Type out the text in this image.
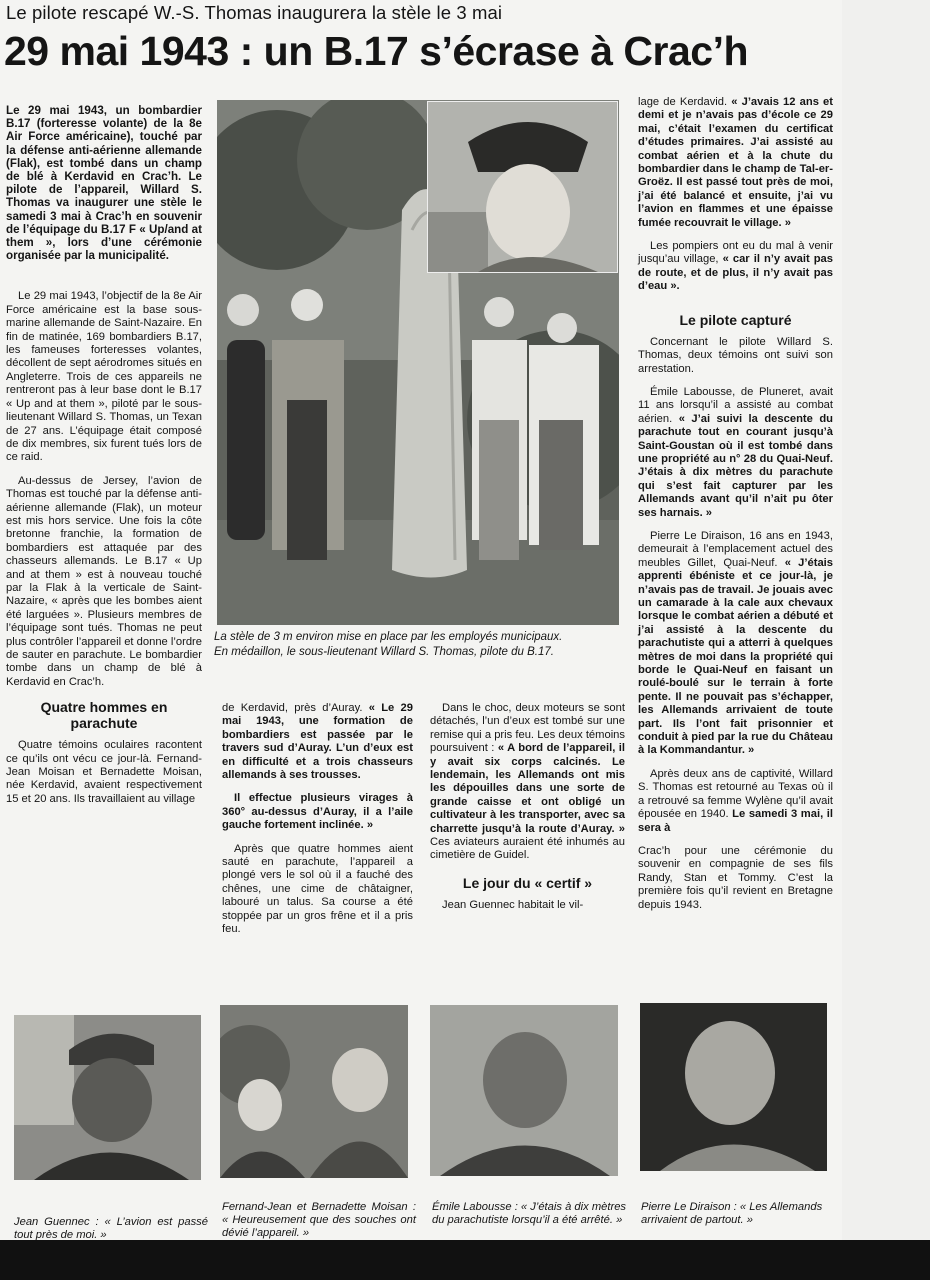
Le pilote rescapé W.-S. Thomas inaugurera la stèle le 3 mai
29 mai 1943 : un B.17 s’écrase à Crac’h

Le 29 mai 1943, un bombardier B.17 (forteresse volante) de la 8e Air Force américaine), touché par la défense anti-aérienne allemande (Flak), est tombé dans un champ de blé à Kerdavid en Crac’h. Le pilote de l’appareil, Willard S. Thomas va inaugurer une stèle le samedi 3 mai à Crac’h en souvenir de l’équipage du B.17 F « Up/and at them », lors d’une cérémonie organisée par la municipalité.

Le 29 mai 1943, l’objectif de la 8e Air Force américaine est la base sous-marine allemande de Saint-Nazaire. En fin de matinée, 169 bombardiers B.17, les fameuses forteresses volantes, décollent de sept aérodromes situés en Angleterre. Trois de ces appareils ne rentreront pas à leur base dont le B.17 « Up and at them », piloté par le sous-lieutenant Willard S. Thomas, un Texan de 27 ans. L’équipage était composé de dix membres, six furent tués lors de ce raid.

Au-dessus de Jersey, l’avion de Thomas est touché par la défense anti-aérienne allemande (Flak), un moteur est mis hors service. Une fois la côte bretonne franchie, la formation de bombardiers est attaquée par des chasseurs allemands. Le B.17 « Up and at them » est à nouveau touché par la Flak à la verticale de Saint-Nazaire, « après que les bombes aient été larguées ». Plusieurs membres de l’équipage sont tués. Thomas ne peut plus contrôler l’appareil et donne l’ordre de sauter en parachute. Le bombardier tombe dans un champ de blé à Kerdavid en Crac’h.

Quatre hommes en parachute

Quatre témoins oculaires racontent ce qu’ils ont vécu ce jour-là. Fernand-Jean Moisan et Bernadette Moisan, née Kerdavid, avaient respectivement 15 et 20 ans. Ils travaillaient au village

La stèle de 3 m environ mise en place par les employés municipaux.
En médaillon, le sous-lieutenant Willard S. Thomas, pilote du B.17.

de Kerdavid, près d’Auray. « Le 29 mai 1943, une formation de bombardiers est passée par le travers sud d’Auray. L’un d’eux est en difficulté et a trois chasseurs allemands à ses trousses.

Il effectue plusieurs virages à 360° au-dessus d’Auray, il a l’aile gauche fortement inclinée. »

Après que quatre hommes aient sauté en parachute, l’appareil a plongé vers le sol où il a fauché des chênes, une cime de châtaigner, labouré un talus. Sa course a été stoppée par un gros frêne et il a pris feu.

Dans le choc, deux moteurs se sont détachés, l’un d’eux est tombé sur une remise qui a pris feu. Les deux témoins poursuivent : « A bord de l’appareil, il y avait six corps calcinés. Le lendemain, les Allemands ont mis les dépouilles dans une sorte de grande caisse et ont obligé un cultivateur à les transporter, avec sa charrette jusqu’à la route d’Auray. » Ces aviateurs auraient été inhumés au cimetière de Guidel.

Le jour du « certif »

Jean Guennec habitait le vil-

lage de Kerdavid. « J’avais 12 ans et demi et je n’avais pas d’école ce 29 mai, c’était l’examen du certificat d’études primaires. J’ai assisté au combat aérien et à la chute du bombardier dans le champ de Tal-er-Groëz. Il est passé tout près de moi, j’ai été balancé et ensuite, j’ai vu l’avion en flammes et une épaisse fumée recouvrait le village. »

Les pompiers ont eu du mal à venir jusqu’au village, « car il n’y avait pas de route, et de plus, il n’y avait pas d’eau ».

Le pilote capturé

Concernant le pilote Willard S. Thomas, deux témoins ont suivi son arrestation.

Émile Labousse, de Pluneret, avait 11 ans lorsqu’il a assisté au combat aérien. « J’ai suivi la descente du parachute tout en courant jusqu’à Saint-Goustan où il est tombé dans une propriété au n° 28 du Quai-Neuf. J’étais à dix mètres du parachute qui s’est fait capturer par les Allemands avant qu’il n’ait pu ôter ses harnais. »

Pierre Le Diraison, 16 ans en 1943, demeurait à l’emplacement actuel des meubles Gillet, Quai-Neuf. « J’étais apprenti ébéniste et ce jour-là, je n’avais pas de travail. Je jouais avec un camarade à la cale aux chevaux lorsque le combat aérien a débuté et j’ai assisté à la descente du parachutiste qui a atterri à quelques mètres de moi dans la propriété qui borde le Quai-Neuf en faisant un roulé-boulé sur le terrain à forte pente. Il ne pouvait pas s’échapper, les Allemands arrivaient de toute part. Ils l’ont fait prisonnier et conduit à pied par la rue du Château à la Kommandantur. »

Après deux ans de captivité, Willard S. Thomas est retourné au Texas où il a retrouvé sa femme Wylène qu’il avait épousée en 1940. Le samedi 3 mai, il sera à

Crac’h pour une cérémonie du souvenir en compagnie de ses fils Randy, Stan et Tommy. C’est la première fois qu’il revient en Bretagne depuis 1943.

Jean Guennec : « L’avion est passé tout près de moi. »
Fernand-Jean et Bernadette Moisan : « Heureusement que des souches ont dévié l’appareil. »
Émile Labousse : « J’étais à dix mètres du parachutiste lorsqu’il a été arrêté. »
Pierre Le Diraison : « Les Allemands arrivaient de partout. »
